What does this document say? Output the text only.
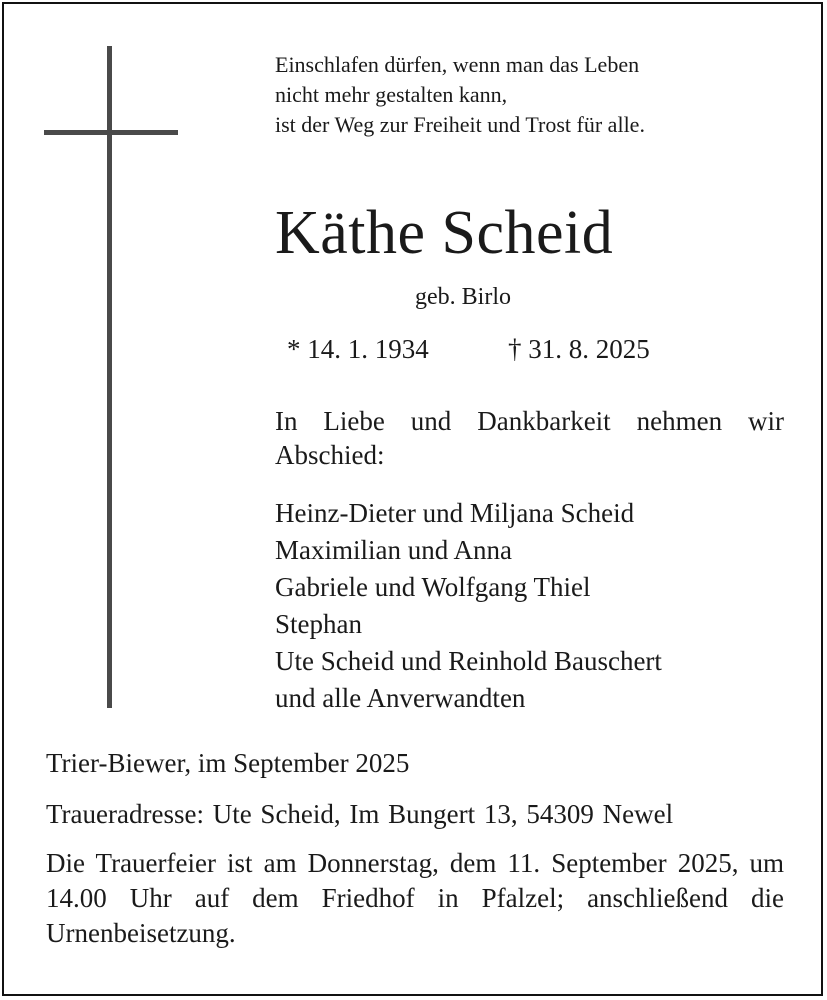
Einschlafen dürfen, wenn man das Leben
nicht mehr gestalten kann,
ist der Weg zur Freiheit und Trost für alle.
Käthe Scheid
geb. Birlo
* 14. 1. 1934	† 31. 8. 2025
In Liebe und Dankbarkeit nehmen wir Abschied:
Heinz-Dieter und Miljana Scheid
Maximilian und Anna
Gabriele und Wolfgang Thiel
Stephan
Ute Scheid und Reinhold Bauschert
und alle Anverwandten
Trier-Biewer, im September 2025
Traueradresse: Ute Scheid, Im Bungert 13, 54309 Newel
Die Trauerfeier ist am Donnerstag, dem 11. September 2025, um 14.00 Uhr auf dem Friedhof in Pfalzel; anschließend die Urnenbeisetzung.
